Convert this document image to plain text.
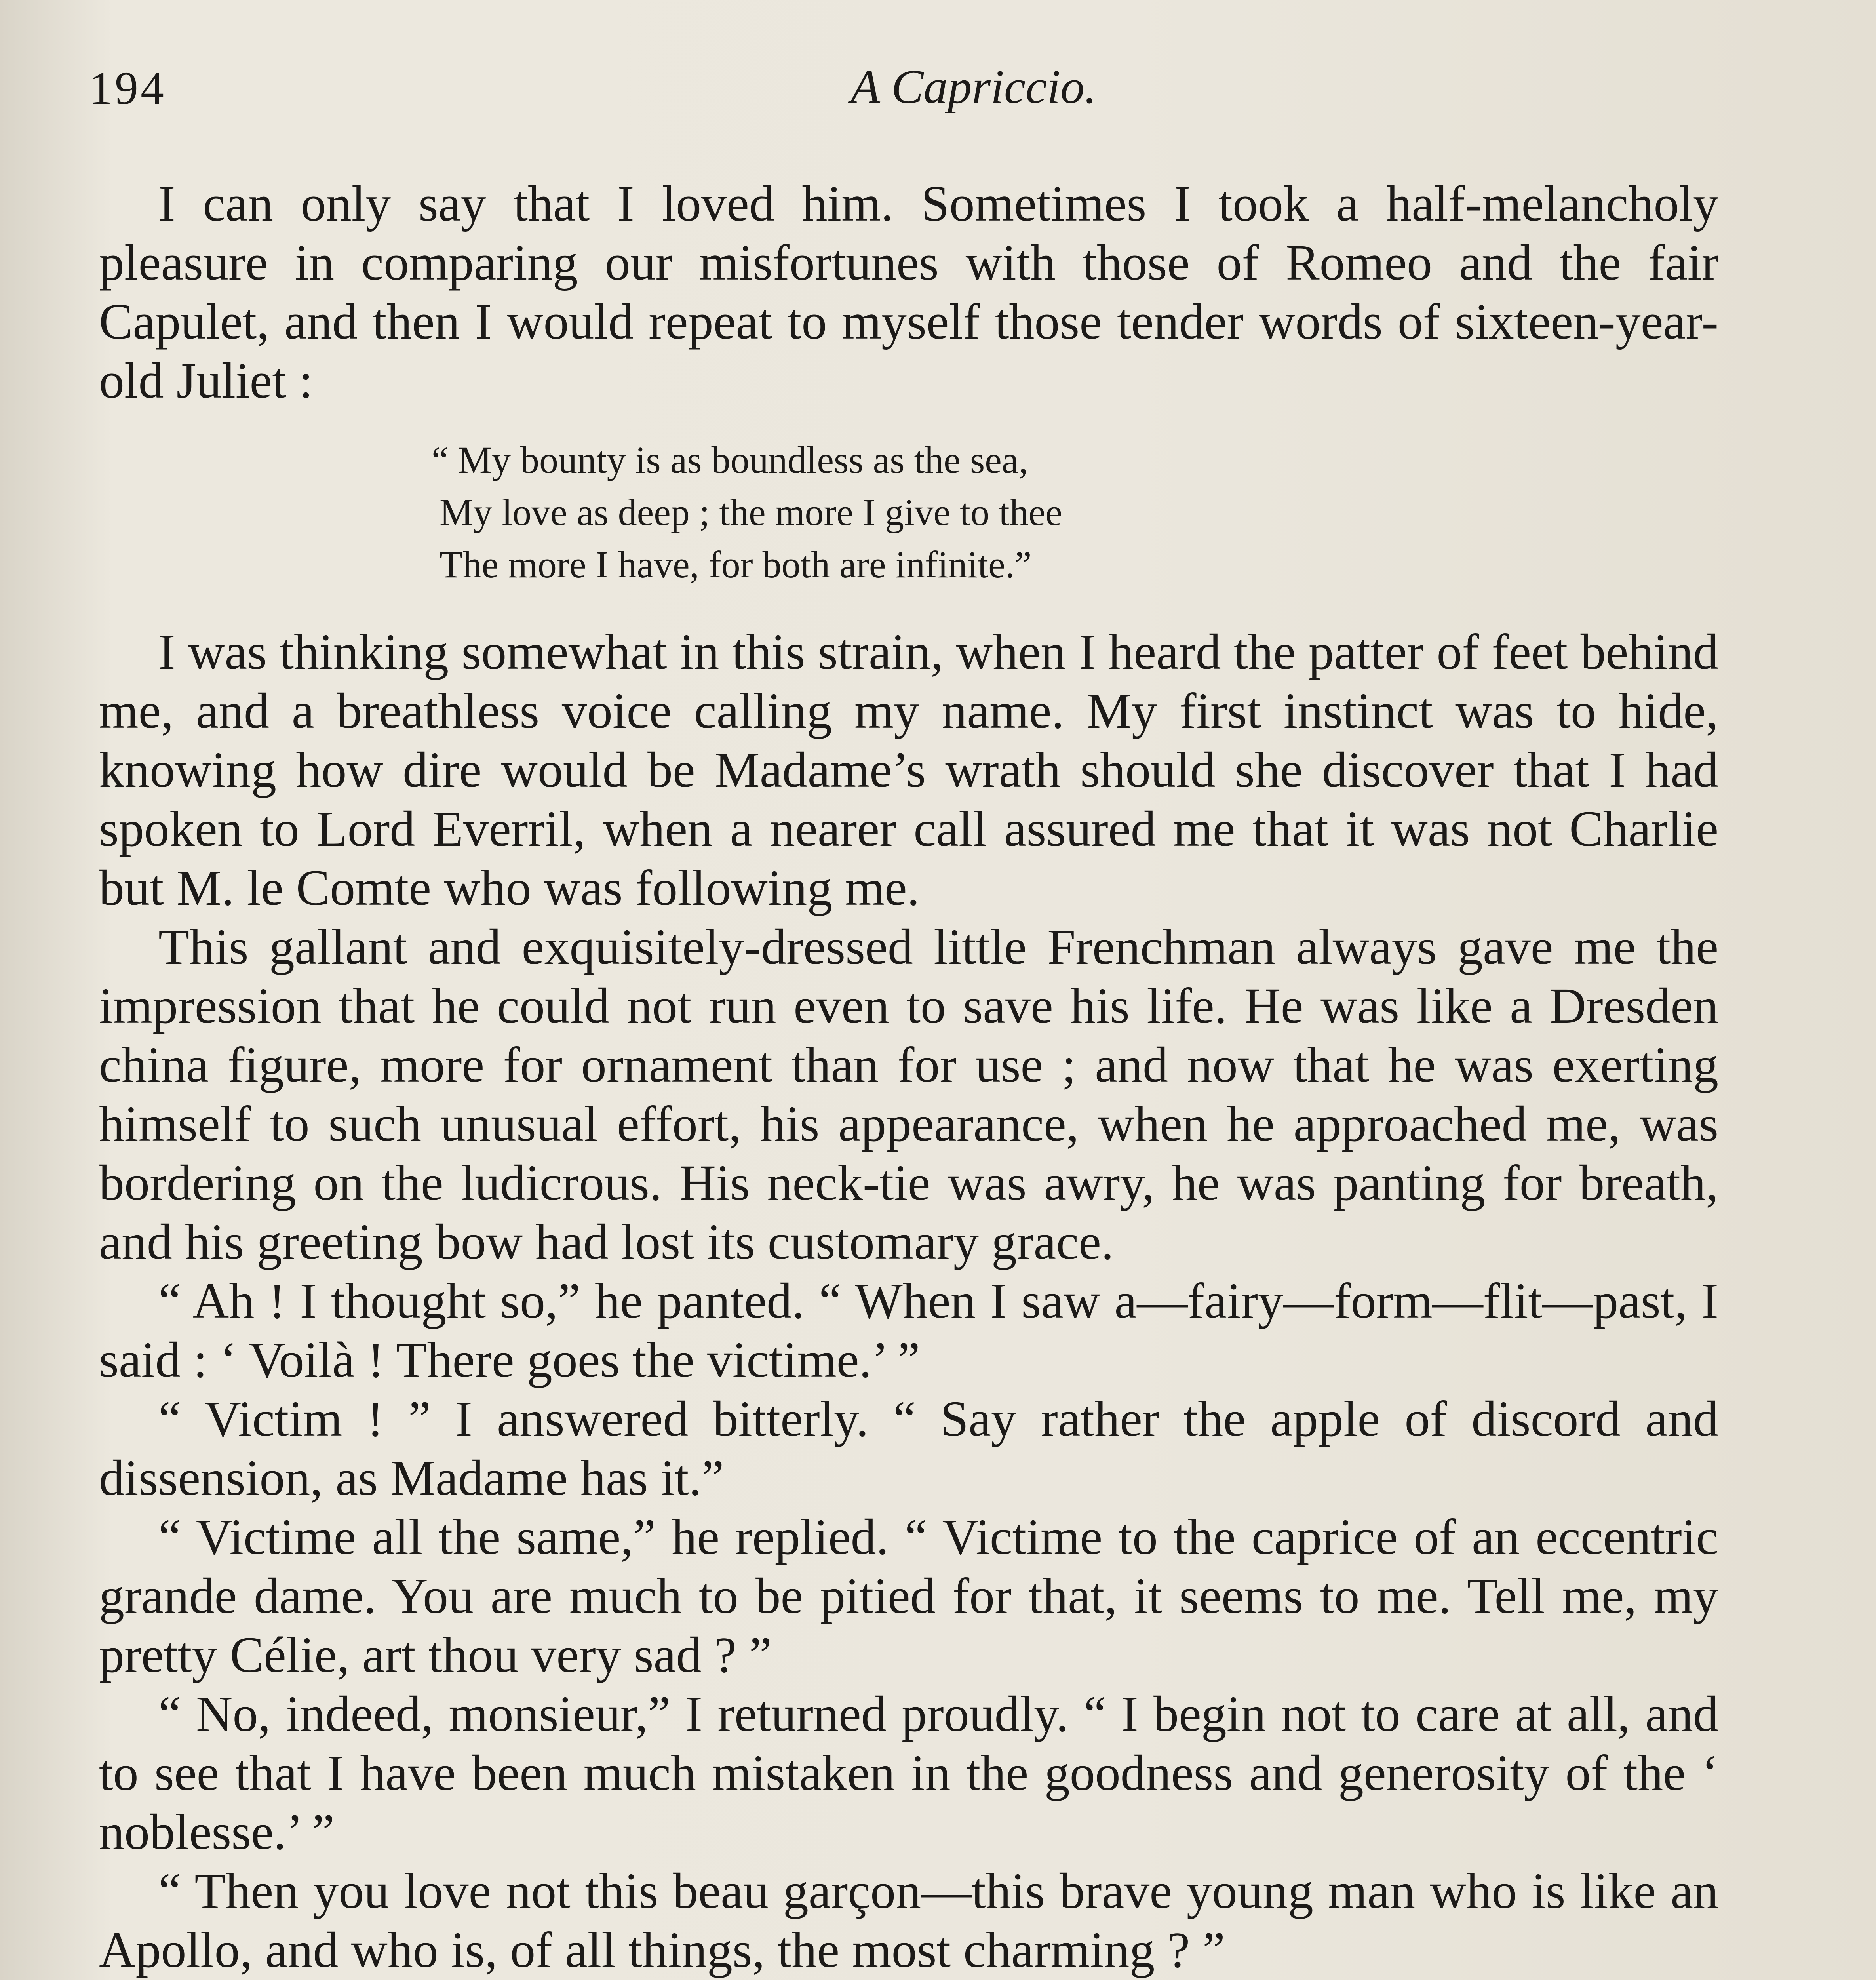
194	A Capriccio.

I can only say that I loved him. Sometimes I took a half-melancholy pleasure in comparing our misfortunes with those of Romeo and the fair Capulet, and then I would repeat to myself those tender words of sixteen-year-old Juliet :

“ My bounty is as boundless as the sea,
My love as deep ; the more I give to thee
The more I have, for both are infinite.”

I was thinking somewhat in this strain, when I heard the patter of feet behind me, and a breathless voice calling my name. My first instinct was to hide, knowing how dire would be Madame’s wrath should she discover that I had spoken to Lord Everril, when a nearer call assured me that it was not Charlie but M. le Comte who was following me.

This gallant and exquisitely-dressed little Frenchman always gave me the impression that he could not run even to save his life. He was like a Dresden china figure, more for ornament than for use ; and now that he was exerting himself to such unusual effort, his appearance, when he approached me, was bordering on the ludicrous. His neck-tie was awry, he was panting for breath, and his greeting bow had lost its customary grace.

“ Ah ! I thought so,” he panted. “ When I saw a—fairy—form—flit—past, I said : ‘ Voilà ! There goes the victime.’ ”

“ Victim ! ” I answered bitterly. “ Say rather the apple of discord and dissension, as Madame has it.”

“ Victime all the same,” he replied. “ Victime to the caprice of an eccentric grande dame. You are much to be pitied for that, it seems to me. Tell me, my pretty Célie, art thou very sad ? ”

“ No, indeed, monsieur,” I returned proudly. “ I begin not to care at all, and to see that I have been much mistaken in the goodness and generosity of the ‘ noblesse.’ ”

“ Then you love not this beau garçon—this brave young man who is like an Apollo, and who is, of all things, the most charming ? ”
